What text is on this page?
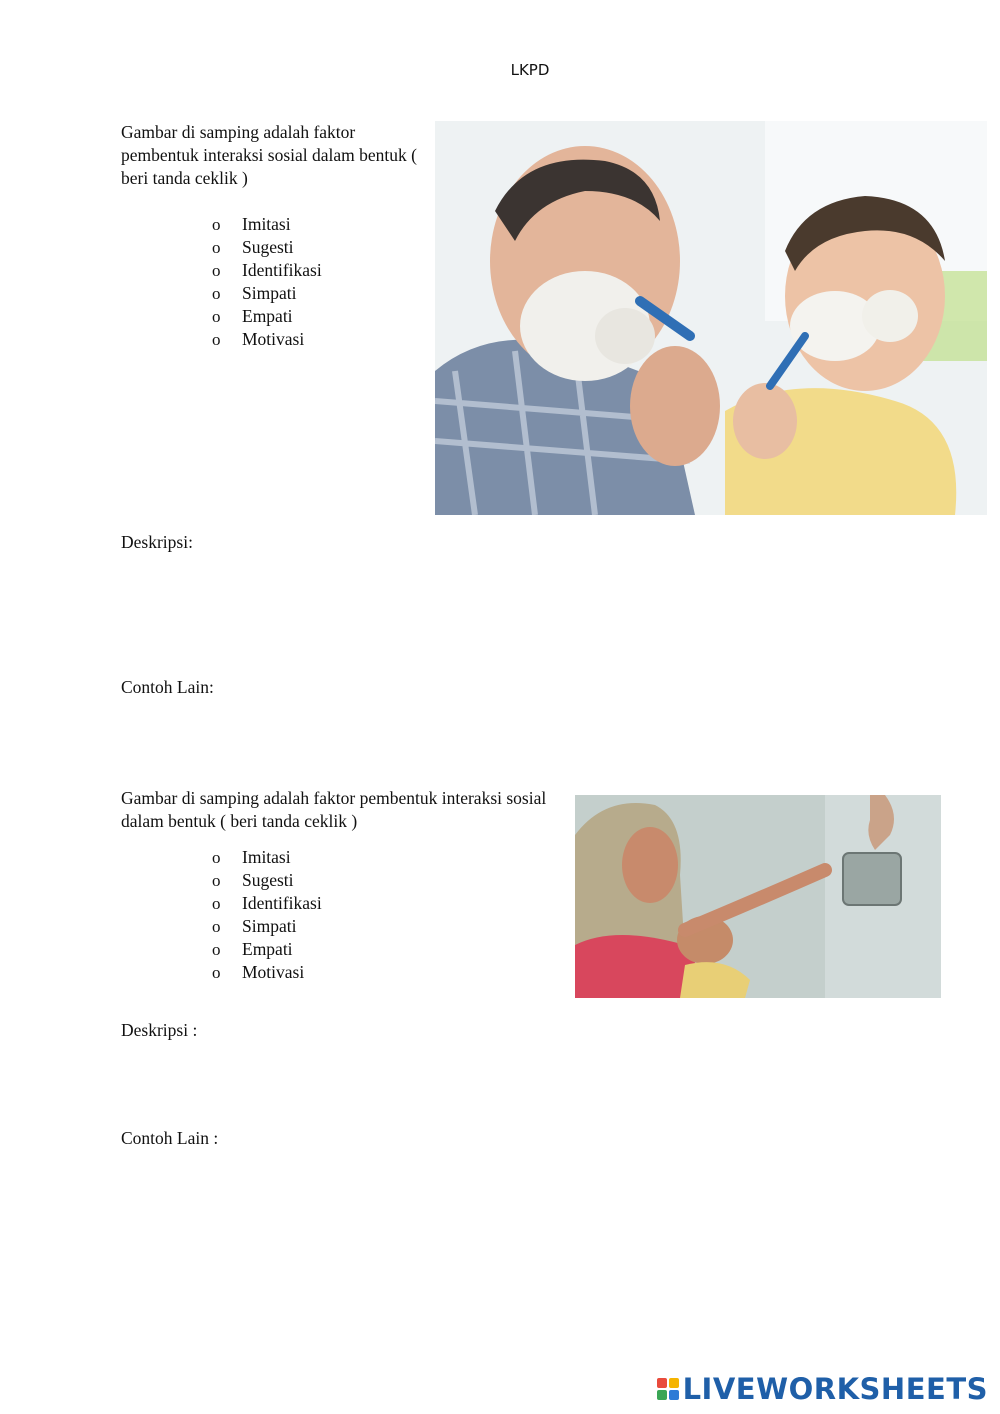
LKPD
Gambar di samping adalah faktor pembentuk interaksi sosial dalam bentuk ( beri tanda ceklik )
o	Imitasi
o	Sugesti
o	Identifikasi
o	Simpati
o	Empati
o	Motivasi
Deskripsi:
Contoh Lain:
Gambar di samping adalah faktor pembentuk interaksi sosial dalam bentuk ( beri tanda ceklik )
o	Imitasi
o	Sugesti
o	Identifikasi
o	Simpati
o	Empati
o	Motivasi
Deskripsi :
Contoh Lain :
LIVEWORKSHEETS
